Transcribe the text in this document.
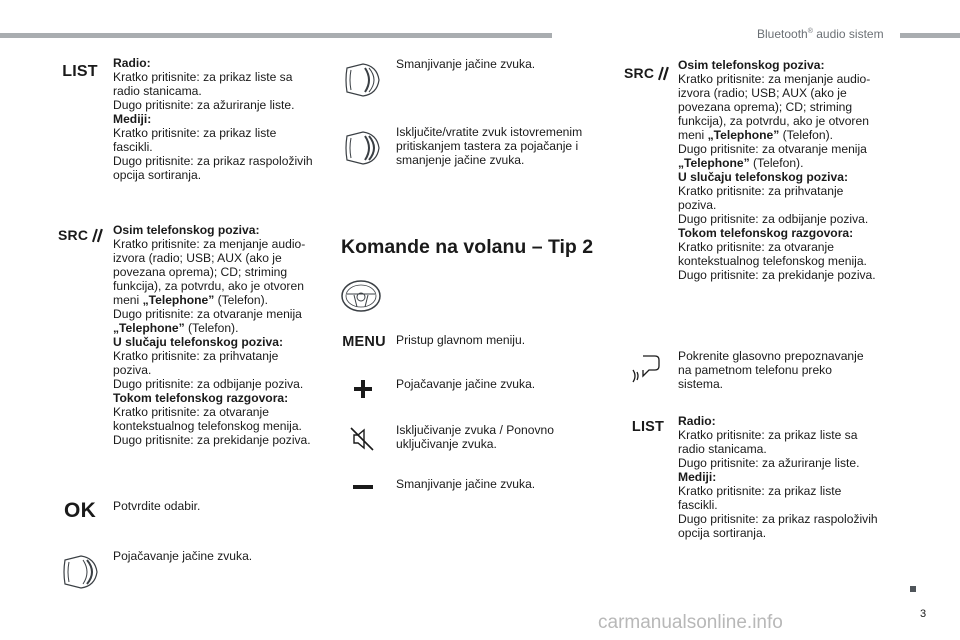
Bluetooth® audio sistem
LIST	Radio:

Kratko pritisnite: za prikaz liste sa radio stanicama.
Dugo pritisnite: za ažuriranje liste.

Mediji:

Kratko pritisnite: za prikaz liste fascikli.
Dugo pritisnite: za prikaz raspoloživih opcija sortiranja.

SRC Osim telefonskog poziva:

Kratko pritisnite: za menjanje audio-izvora (radio; USB; AUX (ako je povezana oprema); CD; striming funkcija), za potvrdu, ako je otvoren meni „Telephone” (Telefon).
Dugo pritisnite: za otvaranje menija „Telephone” (Telefon).

U slučaju telefonskog poziva:

Kratko pritisnite: za prihvatanje poziva.
Dugo pritisnite: za odbijanje poziva.

Tokom telefonskog razgovora:

Kratko pritisnite: za otvaranje kontekstualnog telefonskog menija.
Dugo pritisnite: za prekidanje poziva.

OK	Potvrdite odabir.
Pojačavanje jačine zvuka.
Smanjivanje jačine zvuka.
Isključite/vratite zvuk istovremenim pritiskanjem tastera za pojačanje i smanjenje jačine zvuka.
Komande na volanu – Tip 2
MENU Pristup glavnom meniju.
Pojačavanje jačine zvuka.
Isključivanje zvuka / Ponovno uključivanje zvuka.
Smanjivanje jačine zvuka.
SRC Osim telefonskog poziva:

Kratko pritisnite: za menjanje audio-izvora (radio; USB; AUX (ako je povezana oprema); CD; striming funkcija), za potvrdu, ako je otvoren meni „Telephone” (Telefon).
Dugo pritisnite: za otvaranje menija „Telephone” (Telefon).

U slučaju telefonskog poziva:

Kratko pritisnite: za prihvatanje poziva.
Dugo pritisnite: za odbijanje poziva.

Tokom telefonskog razgovora:

Kratko pritisnite: za otvaranje kontekstualnog telefonskog menija.
Dugo pritisnite: za prekidanje poziva.

Pokrenite glasovno prepoznavanje na pametnom telefonu preko sistema.
LIST	Radio:

Kratko pritisnite: za prikaz liste sa radio stanicama.
Dugo pritisnite: za ažuriranje liste.

Mediji:

Kratko pritisnite: za prikaz liste fascikli.
Dugo pritisnite: za prikaz raspoloživih opcija sortiranja.

3
carmanualsonline.info
